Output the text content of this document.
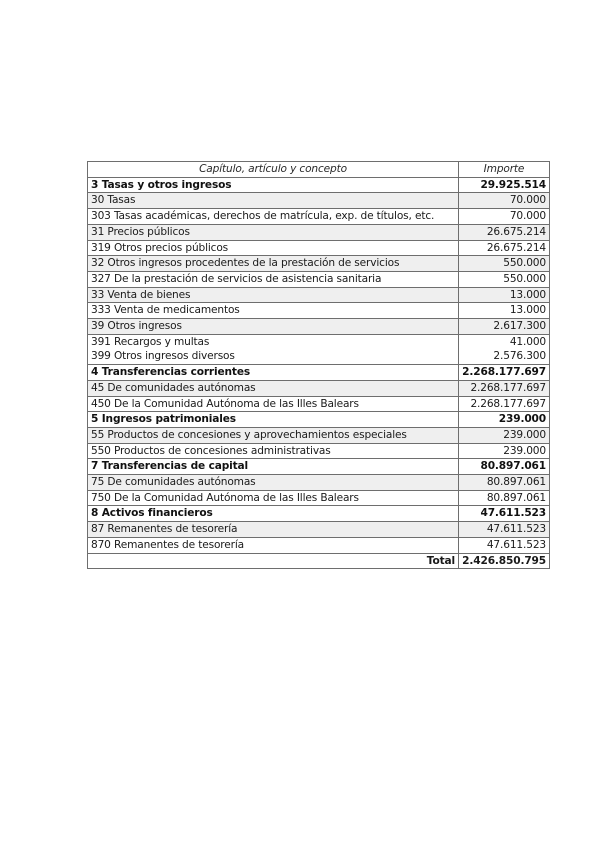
Capítulo, artículo y concepto	Importe
3 Tasas y otros ingresos	29.925.514
30 Tasas	70.000
303 Tasas académicas, derechos de matrícula, exp. de títulos, etc.	70.000
31 Precios públicos	26.675.214
319 Otros precios públicos	26.675.214
32 Otros ingresos procedentes de la prestación de servicios	550.000
327 De la prestación de servicios de asistencia sanitaria	550.000
33 Venta de bienes	13.000
333 Venta de medicamentos	13.000
39 Otros ingresos	2.617.300
391 Recargos y multas	41.000
399 Otros ingresos diversos	2.576.300
4 Transferencias corrientes	2.268.177.697
45 De comunidades autónomas	2.268.177.697
450 De la Comunidad Autónoma de las Illes Balears	2.268.177.697
5 Ingresos patrimoniales	239.000
55 Productos de concesiones y aprovechamientos especiales	239.000
550 Productos de concesiones administrativas	239.000
7 Transferencias de capital	80.897.061
75 De comunidades autónomas	80.897.061
750 De la Comunidad Autónoma de las Illes Balears	80.897.061
8 Activos financieros	47.611.523
87 Remanentes de tesorería	47.611.523
870 Remanentes de tesorería	47.611.523
Total	2.426.850.795
